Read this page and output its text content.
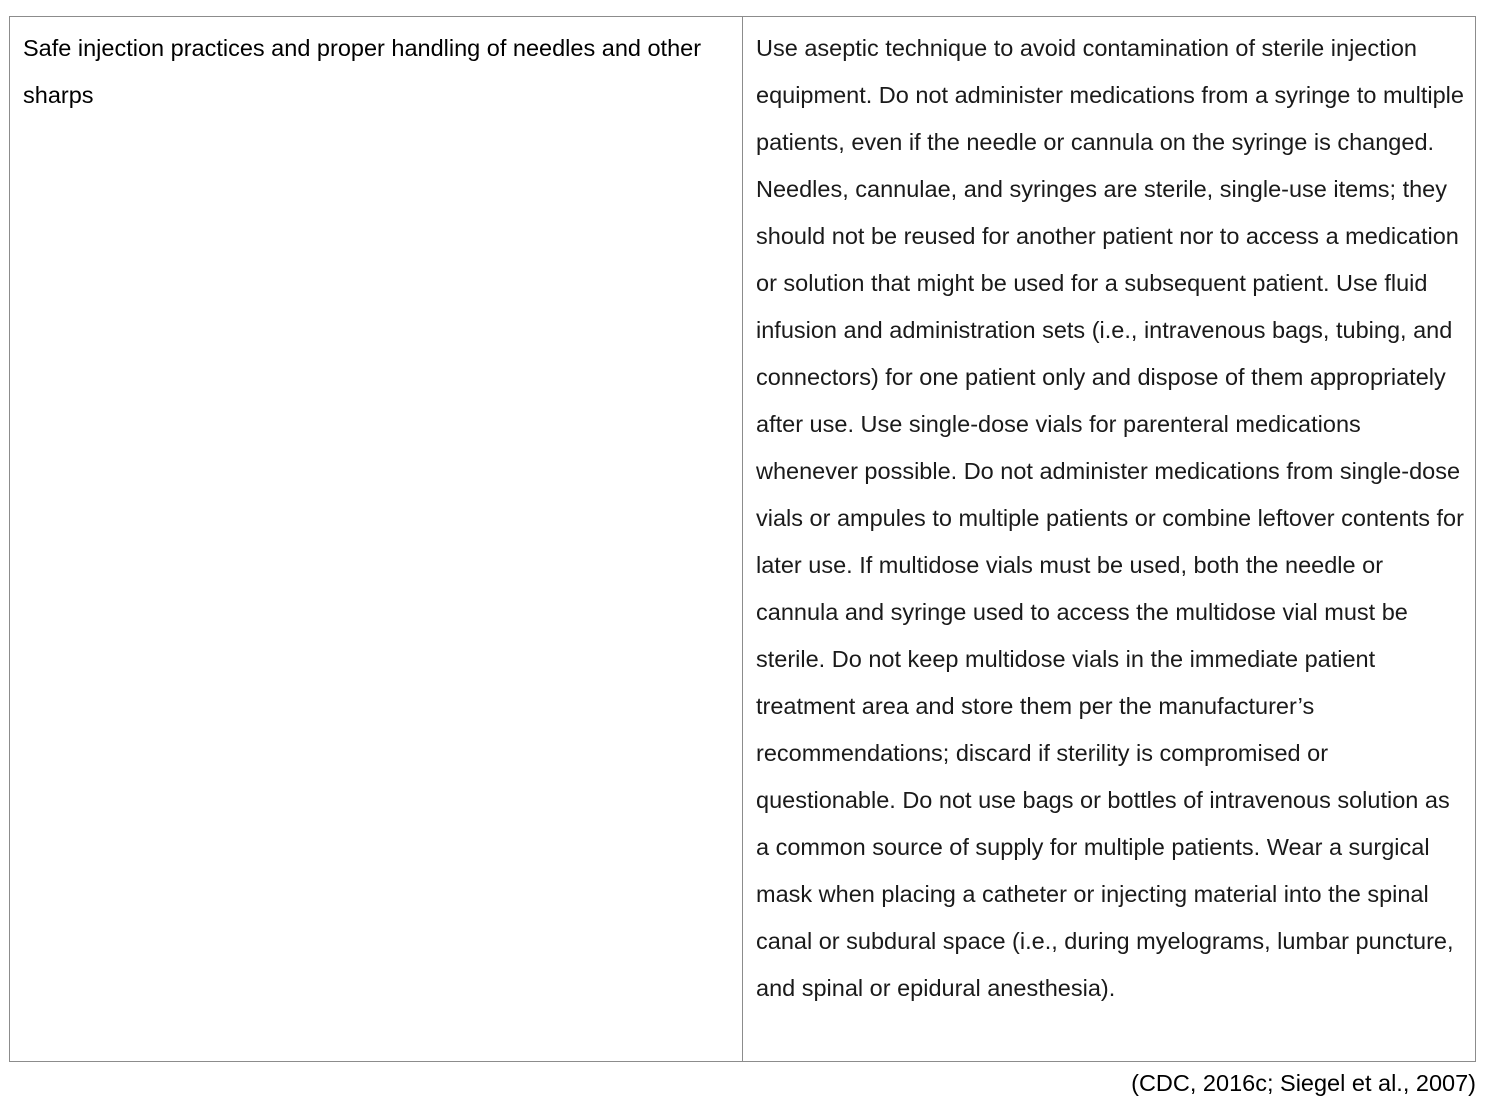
Safe injection practices and proper handling of needles and other sharps
Use aseptic technique to avoid contamination of sterile injection equipment. Do not administer medications from a syringe to multiple patients, even if the needle or cannula on the syringe is changed. Needles, cannulae, and syringes are sterile, single-use items; they should not be reused for another patient nor to access a medication or solution that might be used for a subsequent patient. Use fluid infusion and administration sets (i.e., intravenous bags, tubing, and connectors) for one patient only and dispose of them appropriately after use. Use single-dose vials for parenteral medications whenever possible. Do not administer medications from single-dose vials or ampules to multiple patients or combine leftover contents for later use. If multidose vials must be used, both the needle or cannula and syringe used to access the multidose vial must be sterile. Do not keep multidose vials in the immediate patient treatment area and store them per the manufacturer’s recommendations; discard if sterility is compromised or questionable. Do not use bags or bottles of intravenous solution as a common source of supply for multiple patients. Wear a surgical mask when placing a catheter or injecting material into the spinal canal or subdural space (i.e., during myelograms, lumbar puncture, and spinal or epidural anesthesia).
(CDC, 2016c; Siegel et al., 2007)
